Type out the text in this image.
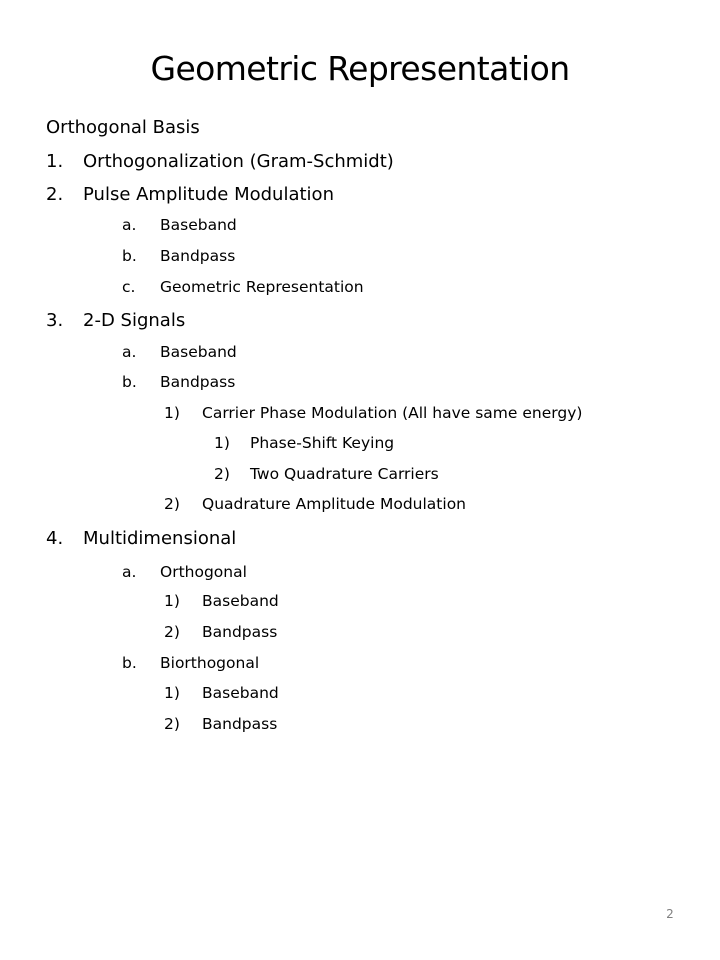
Geometric Representation
Orthogonal Basis
1. Orthogonalization (Gram-Schmidt)
2. Pulse Amplitude Modulation
a. Baseband
b. Bandpass
c. Geometric Representation
3. 2-D Signals
a. Baseband
b. Bandpass
1) Carrier Phase Modulation (All have same energy)
1) Phase-Shift Keying
2) Two Quadrature Carriers
2) Quadrature Amplitude Modulation
4. Multidimensional
a. Orthogonal
1) Baseband
2) Bandpass
b. Biorthogonal
1) Baseband
2) Bandpass
2
